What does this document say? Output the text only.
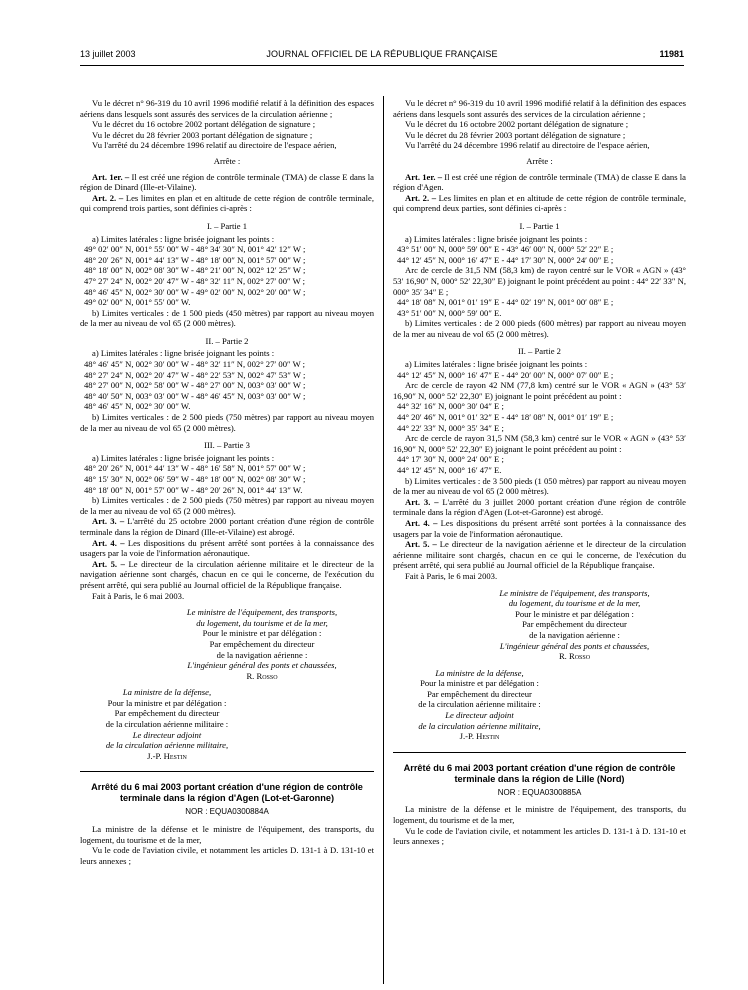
13 juillet 2003	JOURNAL OFFICIEL DE LA RÉPUBLIQUE FRANÇAISE	11981

Vu le décret n° 96-319 du 10 avril 1996 modifié relatif à la définition des espaces aériens dans lesquels sont assurés des services de la circulation aérienne ;

Vu le décret du 16 octobre 2002 portant délégation de signature ;

Vu le décret du 28 février 2003 portant délégation de signature ;

Vu l'arrêté du 24 décembre 1996 relatif au directoire de l'espace aérien,

Arrête :

Art. 1er. – Il est créé une région de contrôle terminale (TMA) de classe E dans la région de Dinard (Ille-et-Vilaine).

Art. 2. – Les limites en plan et en altitude de cette région de contrôle terminale, qui comprend trois parties, sont définies ci-après :

I. – Partie 1

a) Limites latérales : ligne brisée joignant les points :

49° 02′ 00″ N, 001° 55′ 00″ W - 48° 34′ 30″ N, 001° 42′ 12″ W ;

48° 20′ 26″ N, 001° 44′ 13″ W - 48° 18′ 00″ N, 001° 57′ 00″ W ;

48° 18′ 00″ N, 002° 08′ 30″ W - 48° 21′ 00″ N, 002° 12′ 25″ W ;

47° 27′ 24″ N, 002° 20′ 47″ W - 48° 32′ 11″ N, 002° 27′ 00″ W ;

48° 46′ 45″ N, 002° 30′ 00″ W - 49° 02′ 00″ N, 002° 20′ 00″ W ;

49° 02′ 00″ N, 001° 55′ 00″ W.

b) Limites verticales : de 1 500 pieds (450 mètres) par rapport au niveau moyen de la mer au niveau de vol 65 (2 000 mètres).

II. – Partie 2

a) Limites latérales : ligne brisée joignant les points :

48° 46′ 45″ N, 002° 30′ 00″ W - 48° 32′ 11″ N, 002° 27′ 00″ W ;

48° 27′ 24″ N, 002° 20′ 47″ W - 48° 22′ 53″ N, 002° 47′ 53″ W ;

48° 27′ 00″ N, 002° 58′ 00″ W - 48° 27′ 00″ N, 003° 03′ 00″ W ;

48° 40′ 50″ N, 003° 03′ 00″ W - 48° 46′ 45″ N, 003° 03′ 00″ W ;

48° 46′ 45″ N, 002° 30′ 00″ W.

b) Limites verticales : de 2 500 pieds (750 mètres) par rapport au niveau moyen de la mer au niveau de vol 65 (2 000 mètres).

III. – Partie 3

a) Limites latérales : ligne brisée joignant les points :

48° 20′ 26″ N, 001° 44′ 13″ W - 48° 16′ 58″ N, 001° 57′ 00″ W ;

48° 15′ 30″ N, 002° 06′ 59″ W - 48° 18′ 00″ N, 002° 08′ 30″ W ;

48° 18′ 00″ N, 001° 57′ 00″ W - 48° 20′ 26″ N, 001° 44′ 13″ W.

b) Limites verticales : de 2 500 pieds (750 mètres) par rapport au niveau moyen de la mer au niveau de vol 65 (2 000 mètres).

Art. 3. – L'arrêté du 25 octobre 2000 portant création d'une région de contrôle terminale dans la région de Dinard (Ille-et-Vilaine) est abrogé.

Art. 4. – Les dispositions du présent arrêté sont portées à la connaissance des usagers par la voie de l'information aéronautique.

Art. 5. – Le directeur de la circulation aérienne militaire et le directeur de la navigation aérienne sont chargés, chacun en ce qui le concerne, de l'exécution du présent arrêté, qui sera publié au Journal officiel de la République française.

Fait à Paris, le 6 mai 2003.

Le ministre de l'équipement, des transports,

du logement, du tourisme et de la mer,

Pour le ministre et par délégation :

Par empêchement du directeur

de la navigation aérienne :

L'ingénieur général des ponts et chaussées,

R. Rosso

La ministre de la défense,

Pour la ministre et par délégation :

Par empêchement du directeur

de la circulation aérienne militaire :

Le directeur adjoint

de la circulation aérienne militaire,

J.-P. Hestin

Arrêté du 6 mai 2003 portant création d'une région de contrôle terminale dans la région d'Agen (Lot-et-Garonne)

NOR : EQUA0300884A

La ministre de la défense et le ministre de l'équipement, des transports, du logement, du tourisme et de la mer,

Vu le code de l'aviation civile, et notamment les articles D. 131-1 à D. 131-10 et leurs annexes ;

Vu le décret n° 96-319 du 10 avril 1996 modifié relatif à la définition des espaces aériens dans lesquels sont assurés des services de la circulation aérienne ;

Vu le décret du 16 octobre 2002 portant délégation de signature ;

Vu le décret du 28 février 2003 portant délégation de signature ;

Vu l'arrêté du 24 décembre 1996 relatif au directoire de l'espace aérien,

Arrête :

Art. 1er. – Il est créé une région de contrôle terminale (TMA) de classe E dans la région d'Agen.

Art. 2. – Les limites en plan et en altitude de cette région de contrôle terminale, qui comprend deux parties, sont définies ci-après :

I. – Partie 1

a) Limites latérales : ligne brisée joignant les points :

43° 51′ 00″ N, 000° 59′ 00″ E - 43° 46′ 00″ N, 000° 52′ 22″ E ;

44° 12′ 45″ N, 000° 16′ 47″ E - 44° 17′ 30″ N, 000° 24′ 00″ E ;

Arc de cercle de 31,5 NM (58,3 km) de rayon centré sur le VOR « AGN » (43° 53′ 16,90″ N, 000° 52′ 22,30″ E) joignant le point précédent au point : 44° 22′ 33″ N, 000° 35′ 34″ E ;

44° 18′ 08″ N, 001° 01′ 19″ E - 44° 02′ 19″ N, 001° 00′ 08″ E ;

43° 51′ 00″ N, 000° 59′ 00″ E.

b) Limites verticales : de 2 000 pieds (600 mètres) par rapport au niveau moyen de la mer au niveau de vol 65 (2 000 mètres).

II. – Partie 2

a) Limites latérales : ligne brisée joignant les points :

44° 12′ 45″ N, 000° 16′ 47″ E - 44° 20′ 00″ N, 000° 07′ 00″ E ;

Arc de cercle de rayon 42 NM (77,8 km) centré sur le VOR « AGN » (43° 53′ 16,90″ N, 000° 52′ 22,30″ E) joignant le point précédent au point :

44° 32′ 16″ N, 000° 30′ 04″ E ;

44° 20′ 46″ N, 001° 01′ 32″ E - 44° 18′ 08″ N, 001° 01′ 19″ E ;

44° 22′ 33″ N, 000° 35′ 34″ E ;

Arc de cercle de rayon 31,5 NM (58,3 km) centré sur le VOR « AGN » (43° 53′ 16,90″ N, 000° 52′ 22,30″ E) joignant le point précédent au point :

44° 17′ 30″ N, 000° 24′ 00″ E ;

44° 12′ 45″ N, 000° 16′ 47″ E.

b) Limites verticales : de 3 500 pieds (1 050 mètres) par rapport au niveau moyen de la mer au niveau de vol 65 (2 000 mètres).

Art. 3. – L'arrêté du 3 juillet 2000 portant création d'une région de contrôle terminale dans la région d'Agen (Lot-et-Garonne) est abrogé.

Art. 4. – Les dispositions du présent arrêté sont portées à la connaissance des usagers par la voie de l'information aéronautique.

Art. 5. – Le directeur de la navigation aérienne et le directeur de la circulation aérienne militaire sont chargés, chacun en ce qui le concerne, de l'exécution du présent arrêté, qui sera publié au Journal officiel de la République française.

Fait à Paris, le 6 mai 2003.

Le ministre de l'équipement, des transports,

du logement, du tourisme et de la mer,

Pour le ministre et par délégation :

Par empêchement du directeur

de la navigation aérienne :

L'ingénieur général des ponts et chaussées,

R. Rosso

La ministre de la défense,

Pour la ministre et par délégation :

Par empêchement du directeur

de la circulation aérienne militaire :

Le directeur adjoint

de la circulation aérienne militaire,

J.-P. Hestin

Arrêté du 6 mai 2003 portant création d'une région de contrôle terminale dans la région de Lille (Nord)

NOR : EQUA0300885A

La ministre de la défense et le ministre de l'équipement, des transports, du logement, du tourisme et de la mer,

Vu le code de l'aviation civile, et notamment les articles D. 131-1 à D. 131-10 et leurs annexes ;
